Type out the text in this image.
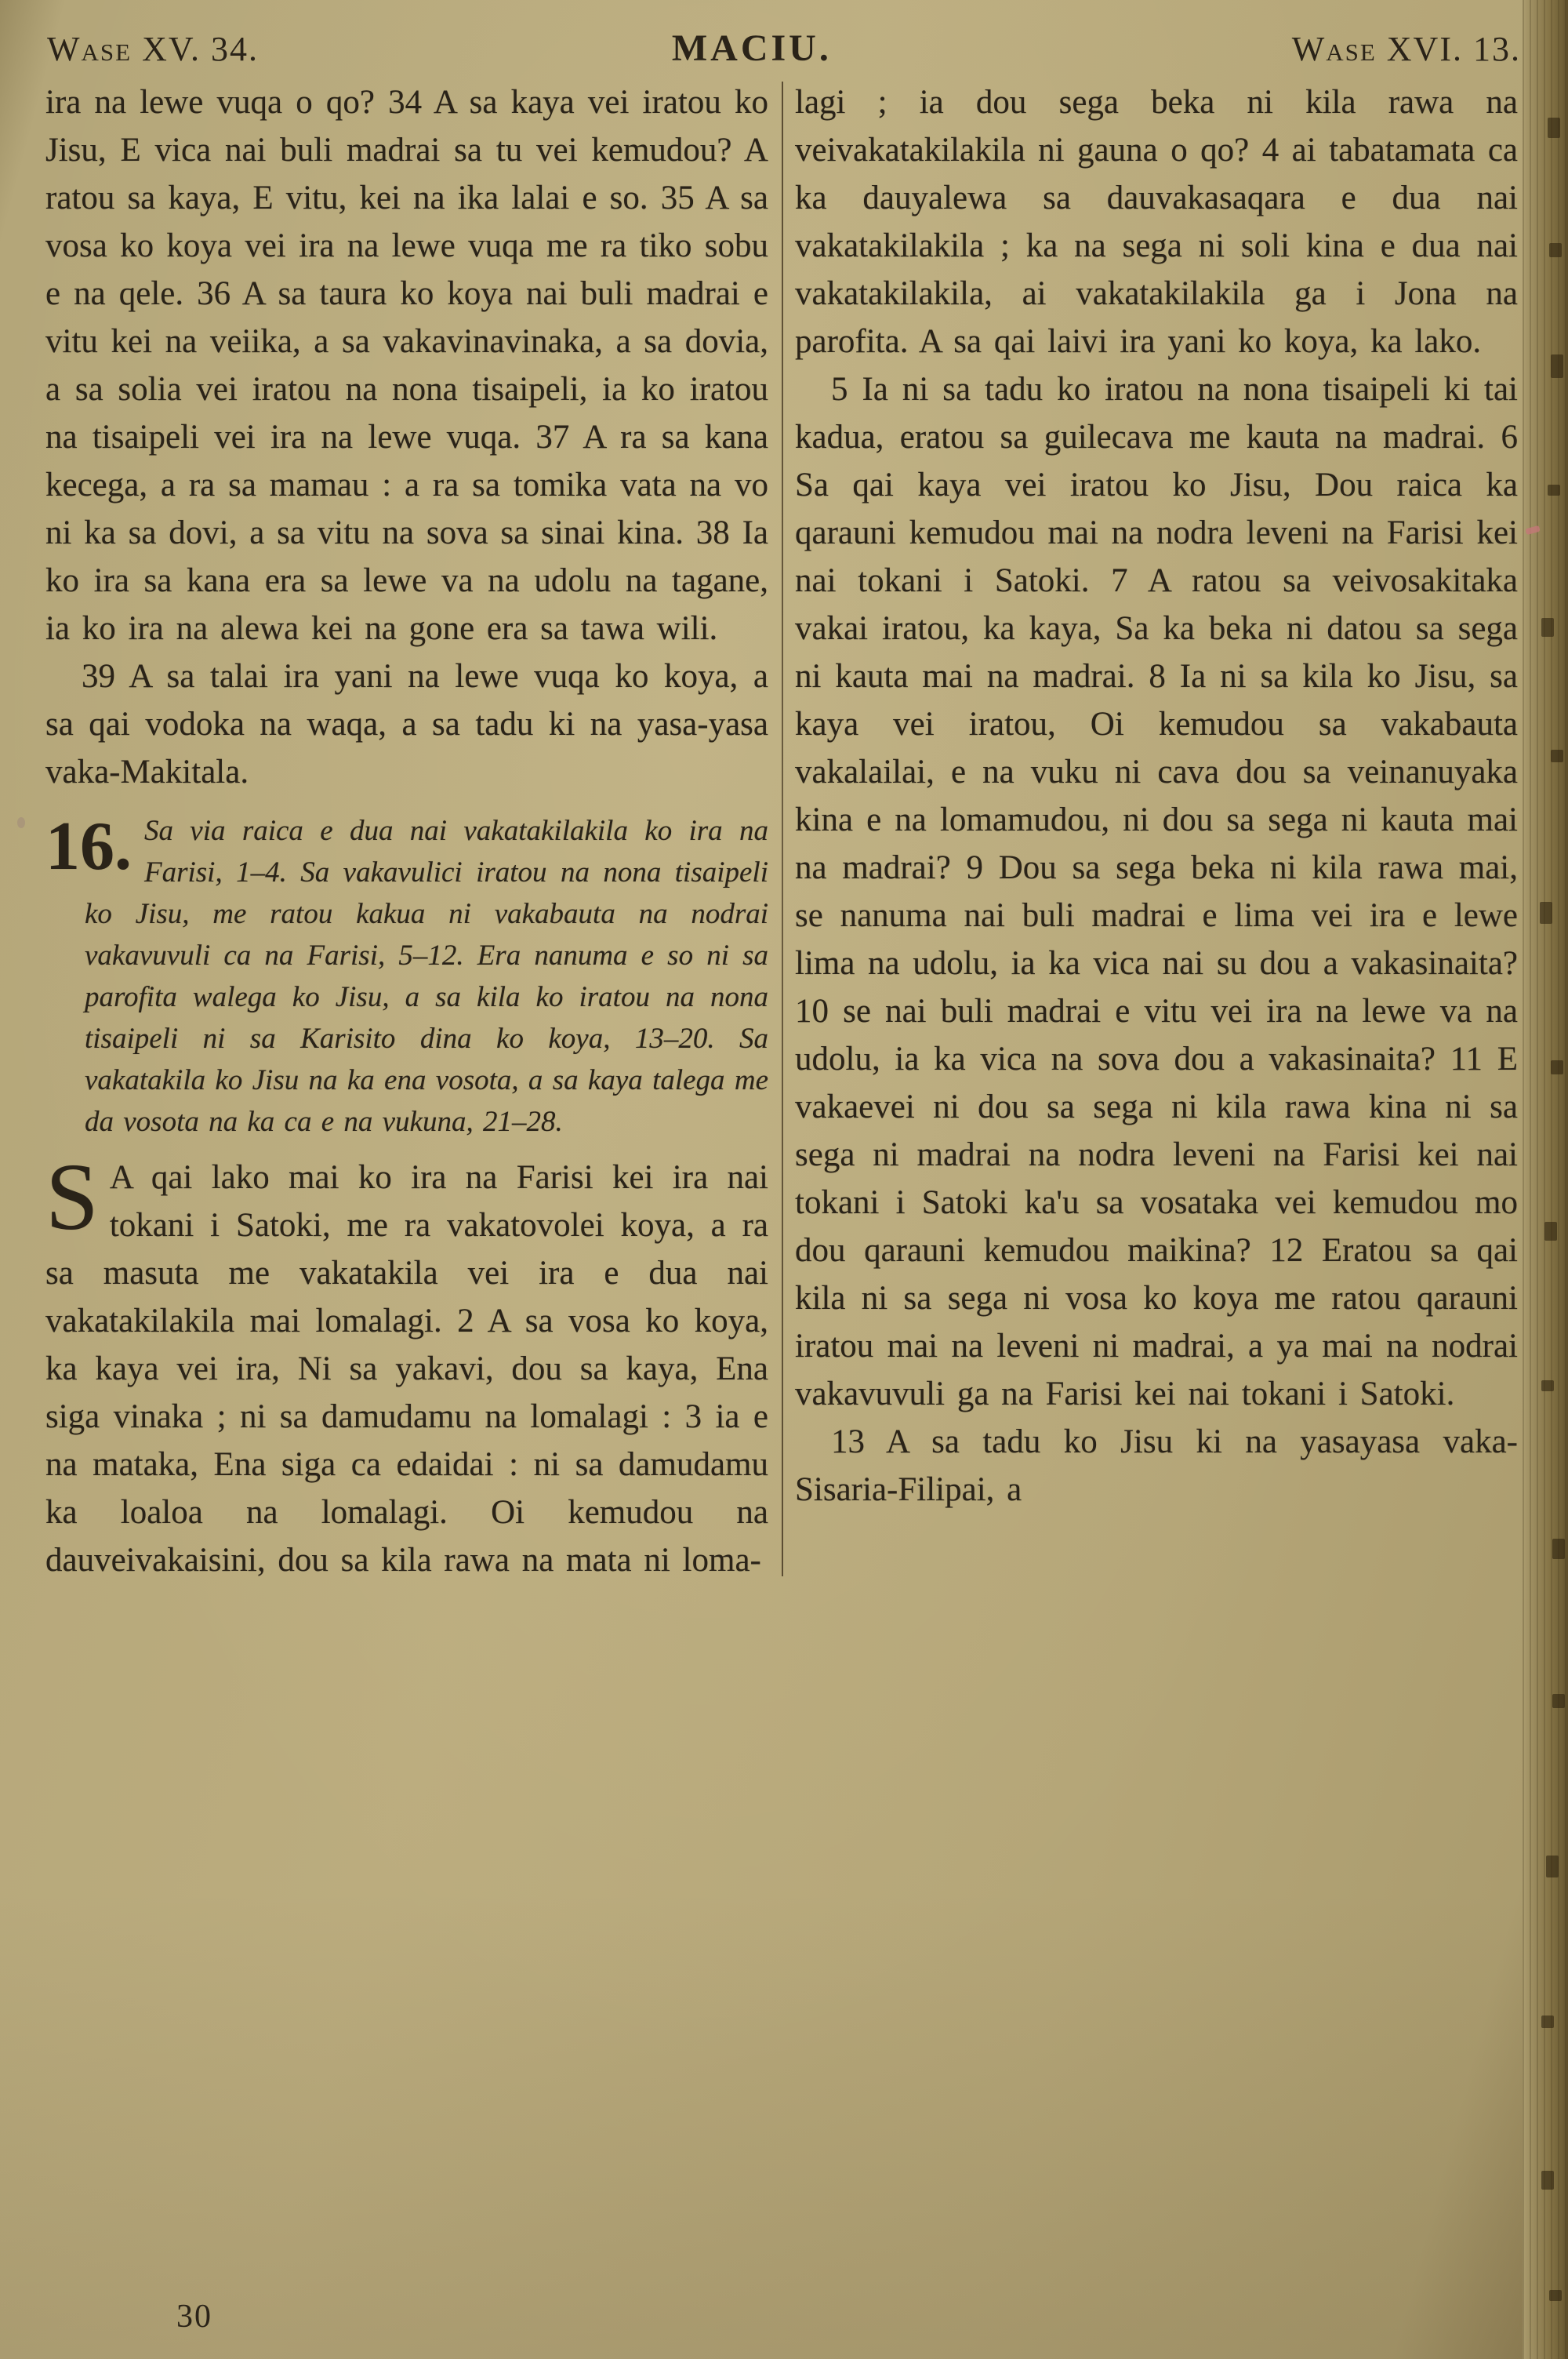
Wase XV. 34.	MACIU.	Wase XVI. 13.

ira na lewe vuqa o qo? 34 A sa kaya vei iratou ko Jisu, E vica nai buli madrai sa tu vei kemudou? A ratou sa kaya, E vitu, kei na ika lalai e so. 35 A sa vosa ko koya vei ira na lewe vuqa me ra tiko sobu e na qele. 36 A sa taura ko koya nai buli madrai e vitu kei na veiika, a sa vakavinavinaka, a sa dovia, a sa solia vei iratou na nona tisaipeli, ia ko iratou na tisaipeli vei ira na lewe vuqa. 37 A ra sa kana kecega, a ra sa mamau : a ra sa tomika vata na vo ni ka sa dovi, a sa vitu na sova sa sinai kina. 38 Ia ko ira sa kana era sa lewe va na udolu na tagane, ia ko ira na alewa kei na gone era sa tawa wili.

39 A sa talai ira yani na lewe vuqa ko koya, a sa qai vodoka na waqa, a sa tadu ki na yasa-yasa vaka-Makitala.

16. Sa via raica e dua nai vakatakilakila ko ira na Farisi, 1–4. Sa vakavulici iratou na nona tisaipeli ko Jisu, me ratou kakua ni vakabauta na nodrai vakavuvuli ca na Farisi, 5–12. Era nanuma e so ni sa parofita walega ko Jisu, a sa kila ko iratou na nona tisaipeli ni sa Karisito dina ko koya, 13–20. Sa vakatakila ko Jisu na ka ena vosota, a sa kaya talega me da vosota na ka ca e na vukuna, 21–28.

S A qai lako mai ko ira na Farisi kei ira nai tokani i Satoki, me ra vakatovolei koya, a ra sa masuta me vakatakila vei ira e dua nai vakatakilakila mai lomalagi. 2 A sa vosa ko koya, ka kaya vei ira, Ni sa yakavi, dou sa kaya, Ena siga vinaka ; ni sa damudamu na lomalagi : 3 ia e na mataka, Ena siga ca edaidai : ni sa damudamu ka loaloa na lomalagi. Oi kemudou na dauveivakaisini, dou sa kila rawa na mata ni loma-

lagi ; ia dou sega beka ni kila rawa na veivakatakilakila ni gauna o qo? 4 ai tabatamata ca ka dauyalewa sa dauvakasaqara e dua nai vakatakilakila ; ka na sega ni soli kina e dua nai vakatakilakila, ai vakatakilakila ga i Jona na parofita. A sa qai laivi ira yani ko koya, ka lako.

5 Ia ni sa tadu ko iratou na nona tisaipeli ki tai kadua, eratou sa guilecava me kauta na madrai. 6 Sa qai kaya vei iratou ko Jisu, Dou raica ka qarauni kemudou mai na nodra leveni na Farisi kei nai tokani i Satoki. 7 A ratou sa veivosakitaka vakai iratou, ka kaya, Sa ka beka ni datou sa sega ni kauta mai na madrai. 8 Ia ni sa kila ko Jisu, sa kaya vei iratou, Oi kemudou sa vakabauta vakalailai, e na vuku ni cava dou sa veinanuyaka kina e na lomamudou, ni dou sa sega ni kauta mai na madrai? 9 Dou sa sega beka ni kila rawa mai, se nanuma nai buli madrai e lima vei ira e lewe lima na udolu, ia ka vica nai su dou a vakasinaita? 10 se nai buli madrai e vitu vei ira na lewe va na udolu, ia ka vica na sova dou a vakasinaita? 11 E vakaevei ni dou sa sega ni kila rawa kina ni sa sega ni madrai na nodra leveni na Farisi kei nai tokani i Satoki ka'u sa vosataka vei kemudou mo dou qarauni kemudou maikina? 12 Eratou sa qai kila ni sa sega ni vosa ko koya me ratou qarauni iratou mai na leveni ni madrai, a ya mai na nodrai vakavuvuli ga na Farisi kei nai tokani i Satoki.

13 A sa tadu ko Jisu ki na yasayasa vaka-Sisaria-Filipai, a

30
